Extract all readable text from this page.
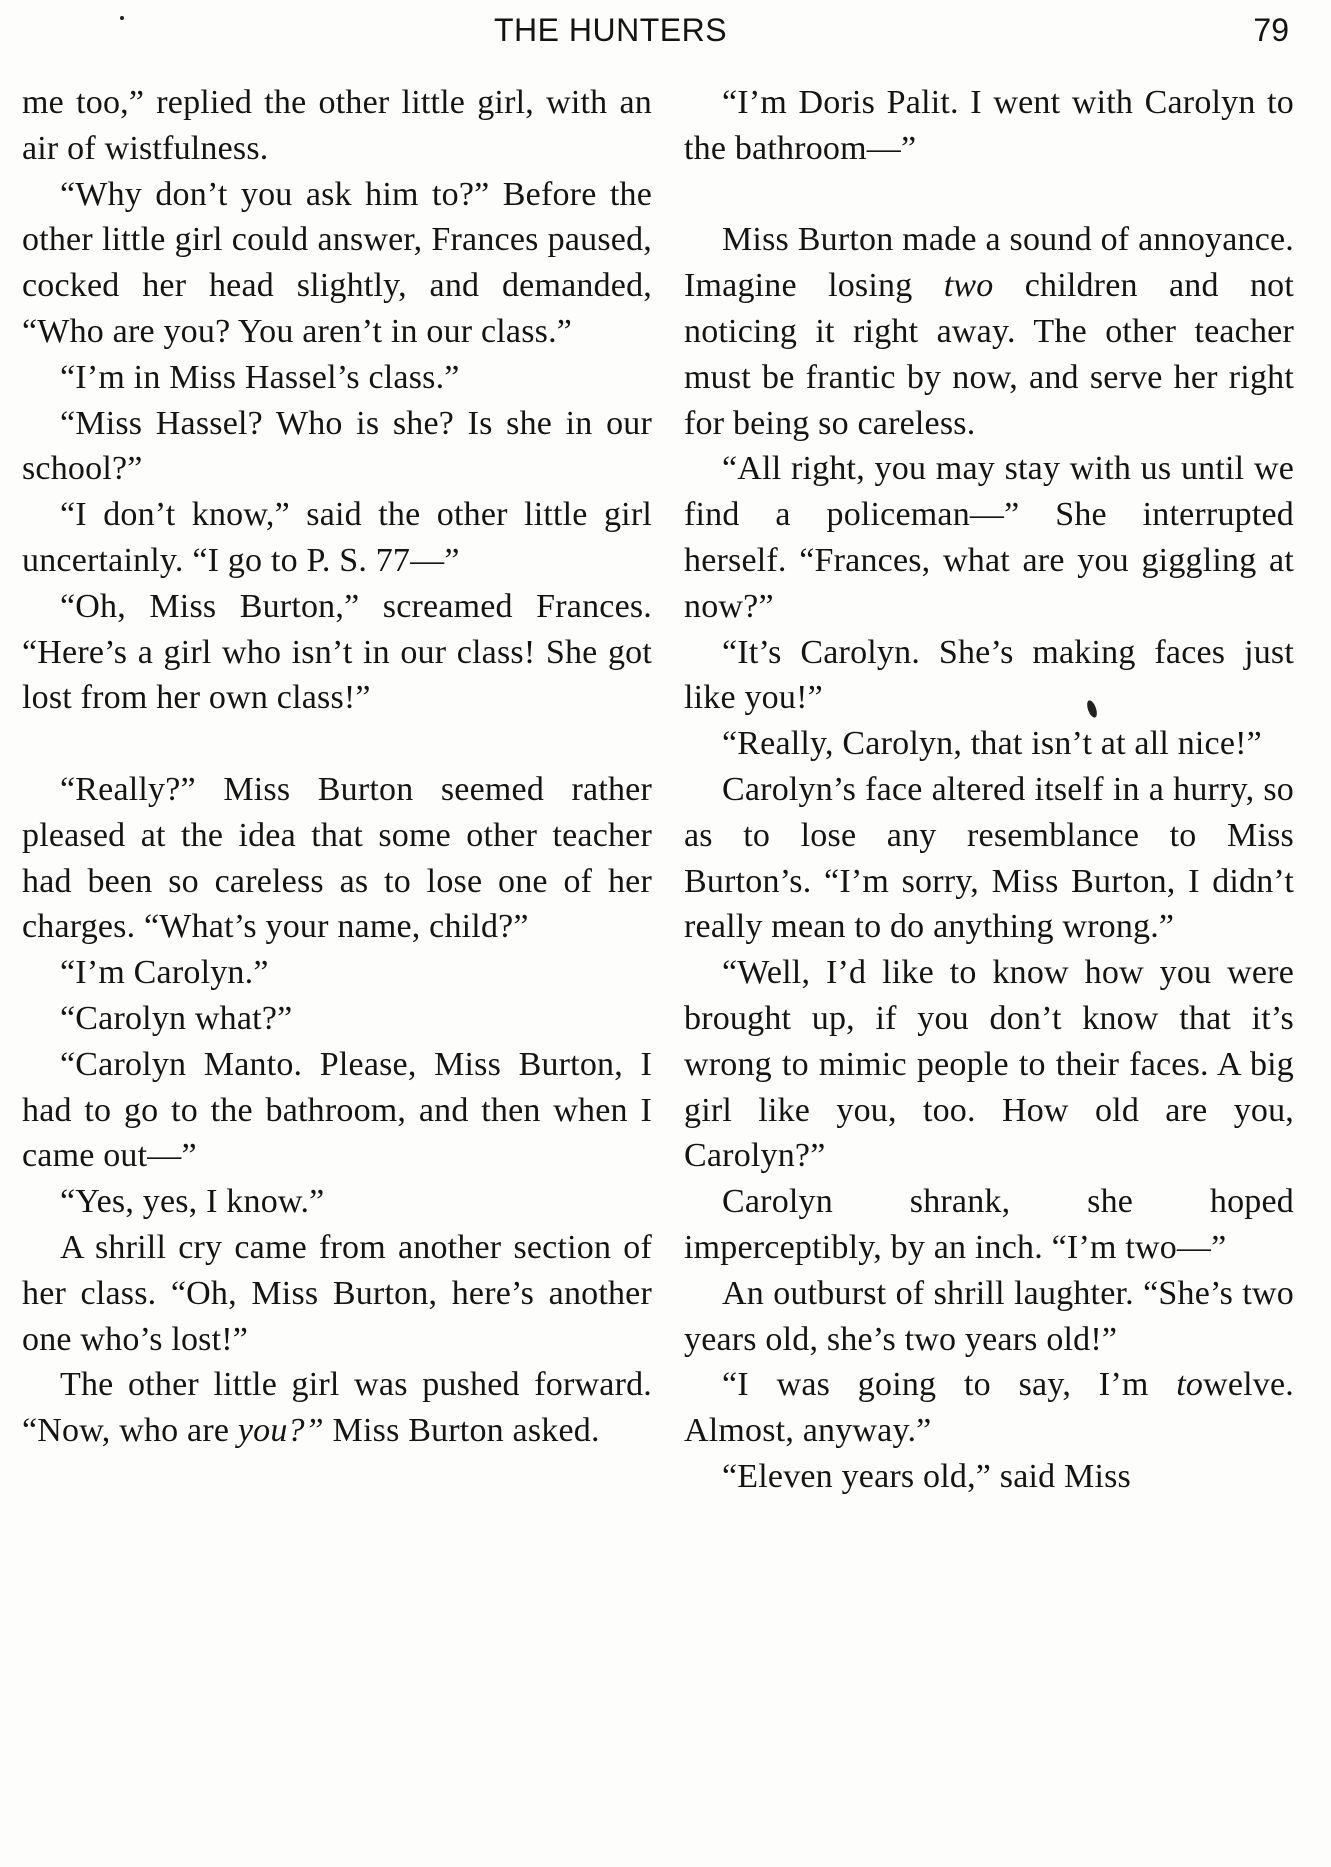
THE HUNTERS	79

me too,” replied the other little girl, with an air of wistfulness.

“Why don’t you ask him to?” Before the other little girl could answer, Frances paused, cocked her head slightly, and demanded, “Who are you? You aren’t in our class.”

“I’m in Miss Hassel’s class.”

“Miss Hassel? Who is she? Is she in our school?”

“I don’t know,” said the other little girl uncertainly. “I go to P. S. 77—”

“Oh, Miss Burton,” screamed Frances. “Here’s a girl who isn’t in our class! She got lost from her own class!”

“Really?” Miss Burton seemed rather pleased at the idea that some other teacher had been so careless as to lose one of her charges. “What’s your name, child?”

“I’m Carolyn.”

“Carolyn what?”

“Carolyn Manto. Please, Miss Burton, I had to go to the bathroom, and then when I came out—”

“Yes, yes, I know.”

A shrill cry came from another section of her class. “Oh, Miss Burton, here’s another one who’s lost!”

The other little girl was pushed forward. “Now, who are you?” Miss Burton asked.

“I’m Doris Palit. I went with Carolyn to the bathroom—”

Miss Burton made a sound of annoyance. Imagine losing two children and not noticing it right away. The other teacher must be frantic by now, and serve her right for being so careless.

“All right, you may stay with us until we find a policeman—” She interrupted herself. “Frances, what are you giggling at now?”

“It’s Carolyn. She’s making faces just like you!”

“Really, Carolyn, that isn’t at all nice!”

Carolyn’s face altered itself in a hurry, so as to lose any resemblance to Miss Burton’s. “I’m sorry, Miss Burton, I didn’t really mean to do anything wrong.”

“Well, I’d like to know how you were brought up, if you don’t know that it’s wrong to mimic people to their faces. A big girl like you, too. How old are you, Carolyn?”

Carolyn shrank, she hoped imperceptibly, by an inch. “I’m two—”

An outburst of shrill laughter. “She’s two years old, she’s two years old!”

“I was going to say, I’m towelve. Almost, anyway.”

“Eleven years old,” said Miss
